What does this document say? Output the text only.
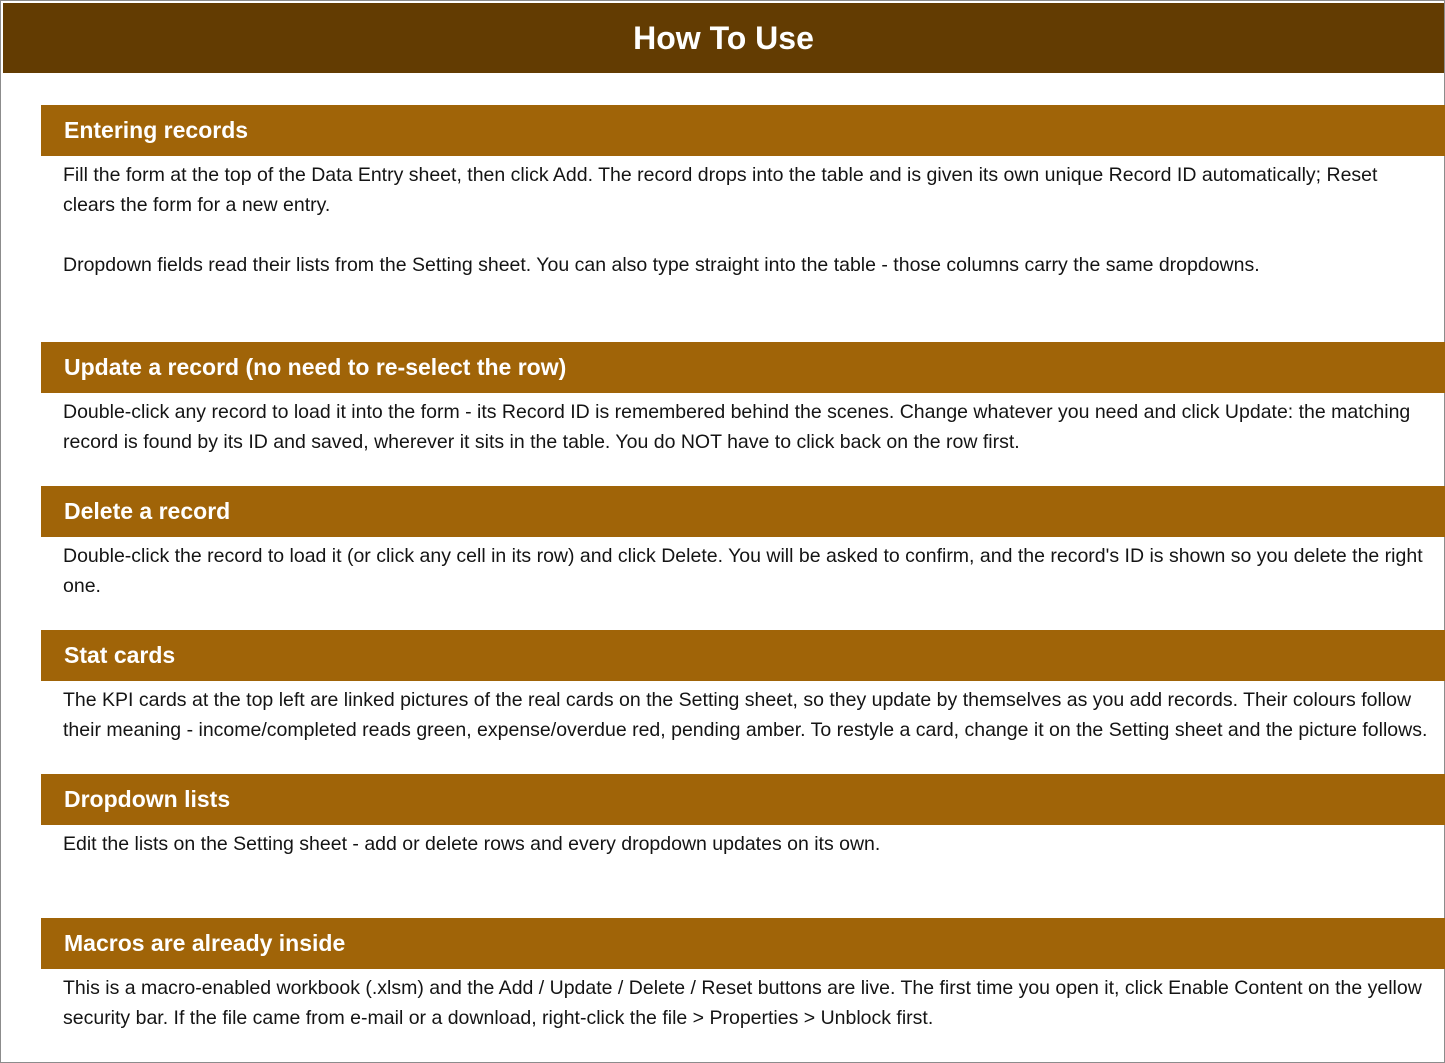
How To Use
Entering records

Fill the form at the top of the Data Entry sheet, then click Add. The record drops into the table and is given its own unique Record ID automatically; Reset clears the form for a new entry.

Dropdown fields read their lists from the Setting sheet. You can also type straight into the table - those columns carry the same dropdowns.

Update a record (no need to re-select the row)

Double-click any record to load it into the form - its Record ID is remembered behind the scenes. Change whatever you need and click Update: the matching record is found by its ID and saved, wherever it sits in the table. You do NOT have to click back on the row first.

Delete a record

Double-click the record to load it (or click any cell in its row) and click Delete. You will be asked to confirm, and the record's ID is shown so you delete the right one.

Stat cards

The KPI cards at the top left are linked pictures of the real cards on the Setting sheet, so they update by themselves as you add records. Their colours follow their meaning - income/completed reads green, expense/overdue red, pending amber. To restyle a card, change it on the Setting sheet and the picture follows.

Dropdown lists

Edit the lists on the Setting sheet - add or delete rows and every dropdown updates on its own.

Macros are already inside

This is a macro-enabled workbook (.xlsm) and the Add / Update / Delete / Reset buttons are live. The first time you open it, click Enable Content on the yellow security bar. If the file came from e-mail or a download, right-click the file > Properties > Unblock first.
